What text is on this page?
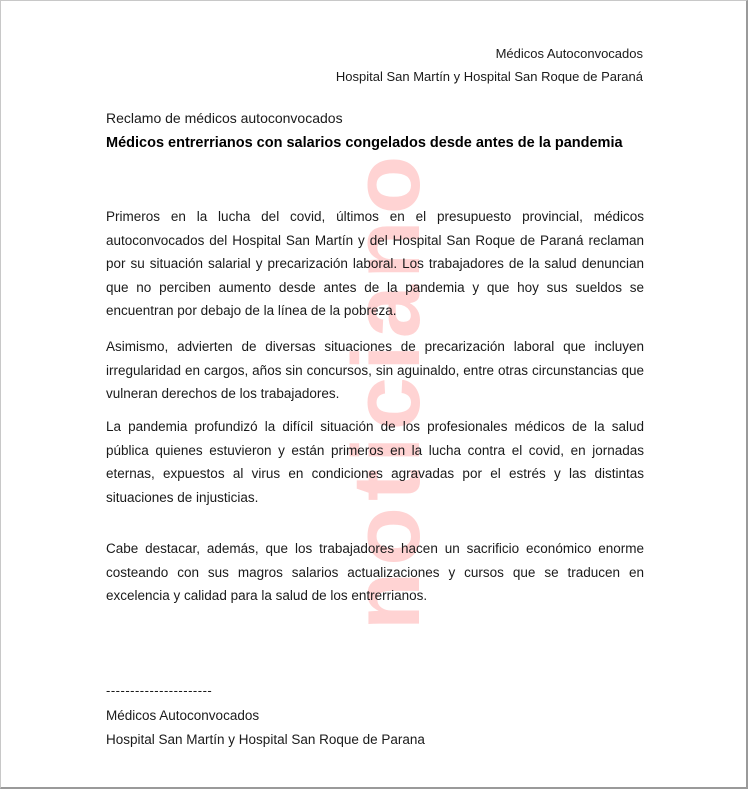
noticiano
Médicos Autoconvocados
Hospital San Martín y Hospital San Roque de Paraná
Reclamo de médicos autoconvocados
Médicos entrerrianos con salarios congelados desde antes de la pandemia

Primeros en la lucha del covid, últimos en el presupuesto provincial, médicos autoconvocados del Hospital San Martín y del Hospital San Roque de Paraná reclaman por su situación salarial y precarización laboral. Los trabajadores de la salud denuncian que no perciben aumento desde antes de la pandemia y que hoy sus sueldos se encuentran por debajo de la línea de la pobreza.

Asimismo, advierten de diversas situaciones de precarización laboral que incluyen irregularidad en cargos, años sin concursos, sin aguinaldo, entre otras circunstancias que vulneran derechos de los trabajadores.

La pandemia profundizó la difícil situación de los profesionales médicos de la salud pública quienes estuvieron y están primeros en la lucha contra el covid, en jornadas eternas, expuestos al virus en condiciones agravadas por el estrés y las distintas situaciones de injusticias.

Cabe destacar, además, que los trabajadores hacen un sacrificio económico enorme costeando con sus magros salarios actualizaciones y cursos que se traducen en excelencia y calidad para la salud de los entrerrianos.

----------------------
Médicos Autoconvocados
Hospital San Martín y Hospital San Roque de Parana
